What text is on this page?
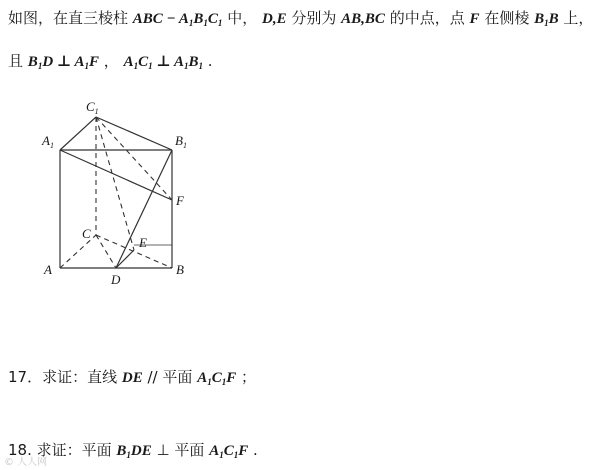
如图，在直三棱柱 ABC − $A_1B_1C_1$ 中， D,E 分别为 AB,BC 的中点，点 F 在侧棱 $B_1B$ 上，
且 $B_1D$ ⊥ $A_1F$ ， $A_1C_1$ ⊥ $A_1B_1$ .
$C_1$
$A_1$	$B_1$
F
C
E
A	B
D
17．求证：直线 DE // 平面 $A_1C_1F$ ；
18. 求证：平面 $B_1DE$ ⊥ 平面 $A_1C_1F$ .
© 人人网
